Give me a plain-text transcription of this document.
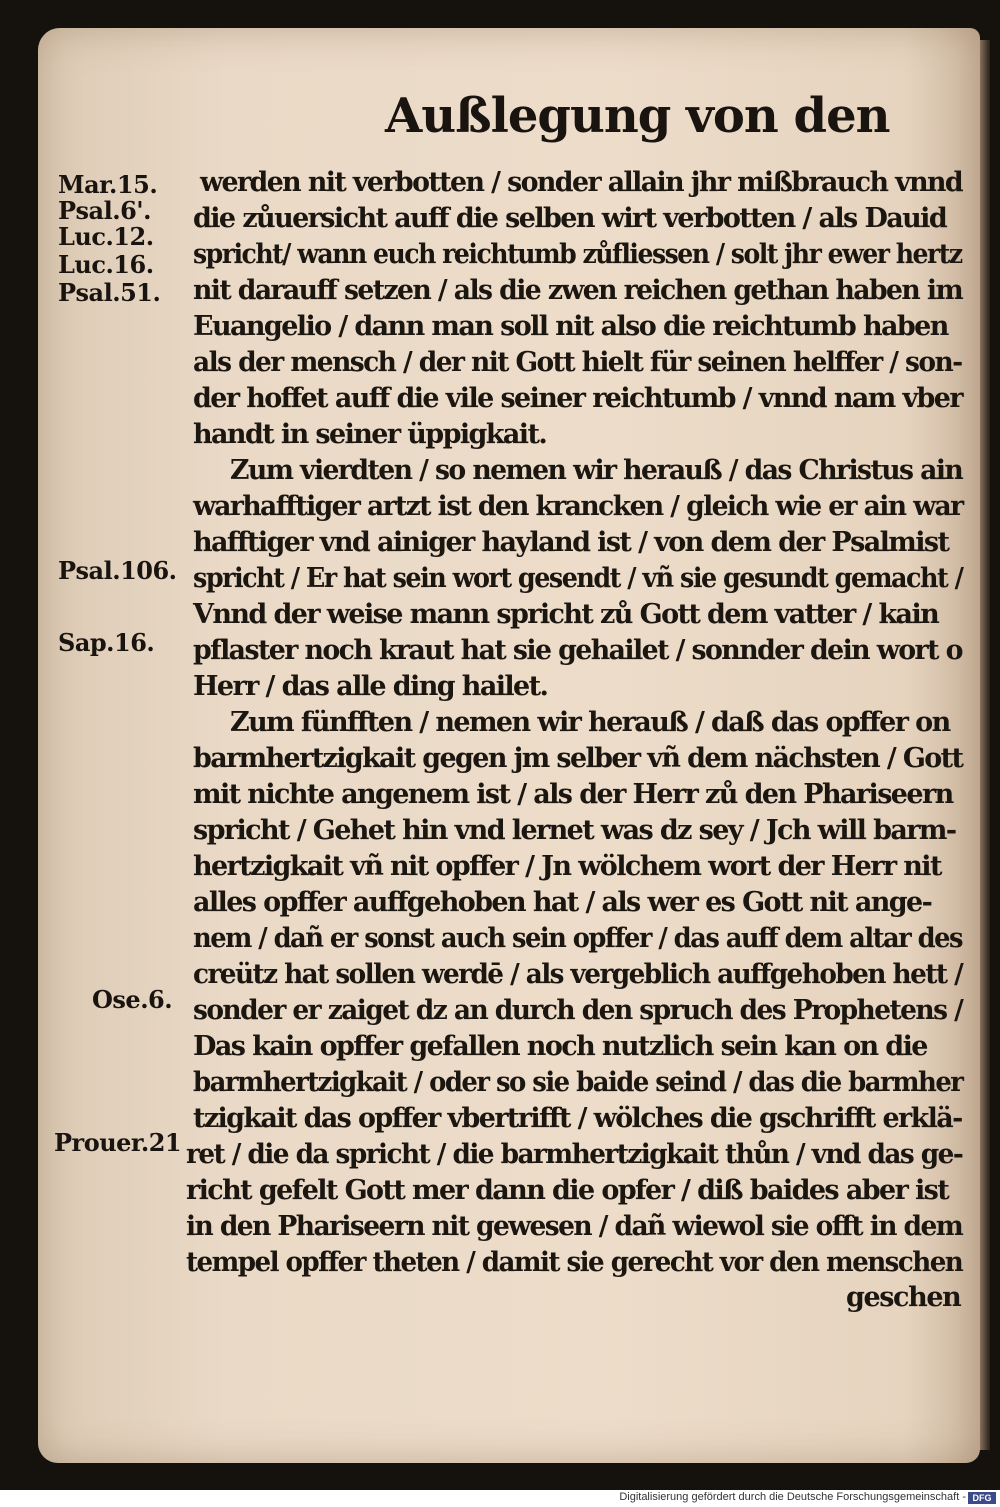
Außlegung von den
Mar.15.
Psal.6'.
Luc.12.
Luc.16.
Psal.51.
Psal.106.
Sap.16.
Ose.6.
Prouer.21
werden nit verbotten / sonder allain jhr mißbrauch vnnd
die zůuersicht auff die selben wirt verbotten / als Dauid
spricht/ wann euch reichtumb zůfliessen / solt jhr ewer hertz
nit darauff setzen / als die zwen reichen gethan haben im
Euangelio / dann man soll nit also die reichtumb haben
als der mensch / der nit Gott hielt für seinen helffer / son-
der hoffet auff die vile seiner reichtumb / vnnd nam vber
handt in seiner üppigkait.
Zum vierdten / so nemen wir herauß / das Christus ain
warhafftiger artzt ist den krancken / gleich wie er ain war
hafftiger vnd ainiger hayland ist / von dem der Psalmist
spricht / Er hat sein wort gesendt / vñ sie gesundt gemacht /
Vnnd der weise mann spricht zů Gott dem vatter / kain
pflaster noch kraut hat sie gehailet / sonnder dein wort o
Herr / das alle ding hailet.
Zum fünfften / nemen wir herauß / daß das opffer on
barmhertzigkait gegen jm selber vñ dem nächsten / Gott
mit nichte angenem ist / als der Herr zů den Phariseern
spricht / Gehet hin vnd lernet was dz sey / Jch will barm-
hertzigkait vñ nit opffer / Jn wölchem wort der Herr nit
alles opffer auffgehoben hat / als wer es Gott nit ange-
nem / dañ er sonst auch sein opffer / das auff dem altar des
creütz hat sollen werdē / als vergeblich auffgehoben hett /
sonder er zaiget dz an durch den spruch des Prophetens /
Das kain opffer gefallen noch nutzlich sein kan on die
barmhertzigkait / oder so sie baide seind / das die barmher
tzigkait das opffer vbertrifft / wölches die gschrifft erklä-
ret / die da spricht / die barmhertzigkait thůn / vnd das ge-
richt gefelt Gott mer dann die opfer / diß baides aber ist
in den Phariseern nit gewesen / dañ wiewol sie offt in dem
tempel opffer theten / damit sie gerecht vor den menschen
geschen
Digitalisierung gefördert durch die Deutsche Forschungsgemeinschaft - DFG
